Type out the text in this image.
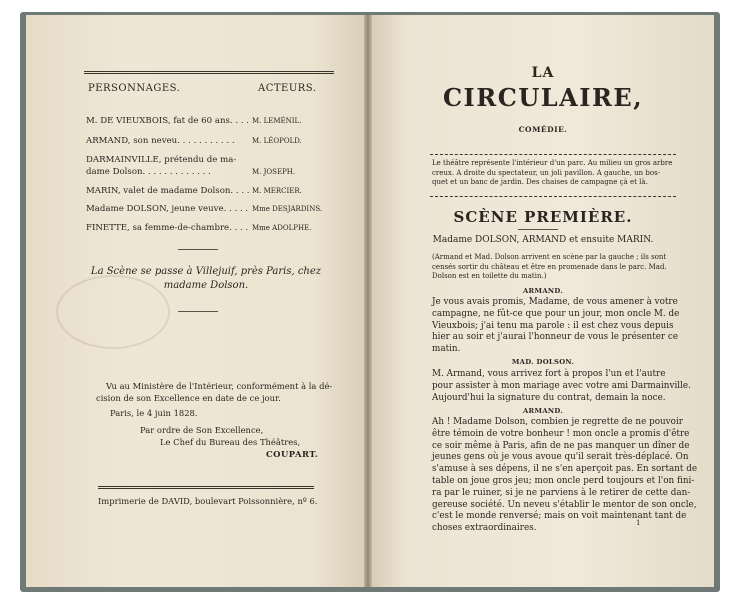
PERSONNAGES.	ACTEURS.
M. DE VIEUXBOIS, fat de 60 ans. . . . M. LEMÉNIL.
ARMAND, son neveu. . . . . . . . . . . M. LÉOPOLD.
DARMAINVILLE, prétendu de ma-
dame Dolson. . . . . . . . . . . . .	M. JOSEPH.
MARIN, valet de madame Dolson. . . . M. MERCIER.
Madame DOLSON, jeune veuve. . . . . Mme DESJARDINS.
FINETTE, sa femme-de-chambre. . . . Mme ADOLPHE.
La Scène se passe à Villejuif, près Paris, chez
madame Dolson.
Vu au Ministère de l'Intérieur, conformément à la dé-
cision de son Excellence en date de ce jour.
Paris, le 4 juin 1828.
Par ordre de Son Excellence,
Le Chef du Bureau des Théâtres,
COUPART.
Imprimerie de DAVID, boulevart Poissonnière, nº 6.
LA
CIRCULAIRE,
COMÉDIE.
Le théâtre représente l'intérieur d'un parc. Au milieu un gros arbre
creux. A droite du spectateur, un joli pavillon. A gauche, un bos-
quet et un banc de jardin. Des chaises de campagne çà et là.
SCÈNE PREMIÈRE.
Madame DOLSON, ARMAND et ensuite MARIN.
(Armand et Mad. Dolson arrivent en scène par la gauche ; ils sont
censés sortir du château et être en promenade dans le parc. Mad.
Dolson est en toilette du matin.)
ARMAND.
Je vous avais promis, Madame, de vous amener à votre
campagne, ne fût-ce que pour un jour, mon oncle M. de
Vieuxbois; j'ai tenu ma parole : il est chez vous depuis
hier au soir et j'aurai l'honneur de vous le présenter ce
matin.
MAD. DOLSON.
M. Armand, vous arrivez fort à propos l'un et l'autre
pour assister à mon mariage avec votre ami Darmainville.
Aujourd'hui la signature du contrat, demain la noce.
ARMAND.
Ah ! Madame Dolson, combien je regrette de ne pouvoir
être témoin de votre bonheur ! mon oncle a promis d'être
ce soir même à Paris, afin de ne pas manquer un dîner de
jeunes gens où je vous avoue qu'il serait très-déplacé. On
s'amuse à ses dépens, il ne s'en aperçoit pas. En sortant de
table on joue gros jeu; mon oncle perd toujours et l'on fini-
ra par le ruiner, si je ne parviens à le retirer de cette dan-
gereuse société. Un neveu s'établir le mentor de son oncle,
c'est le monde renversé; mais on voit maintenant tant de
choses extraordinaires.
1
